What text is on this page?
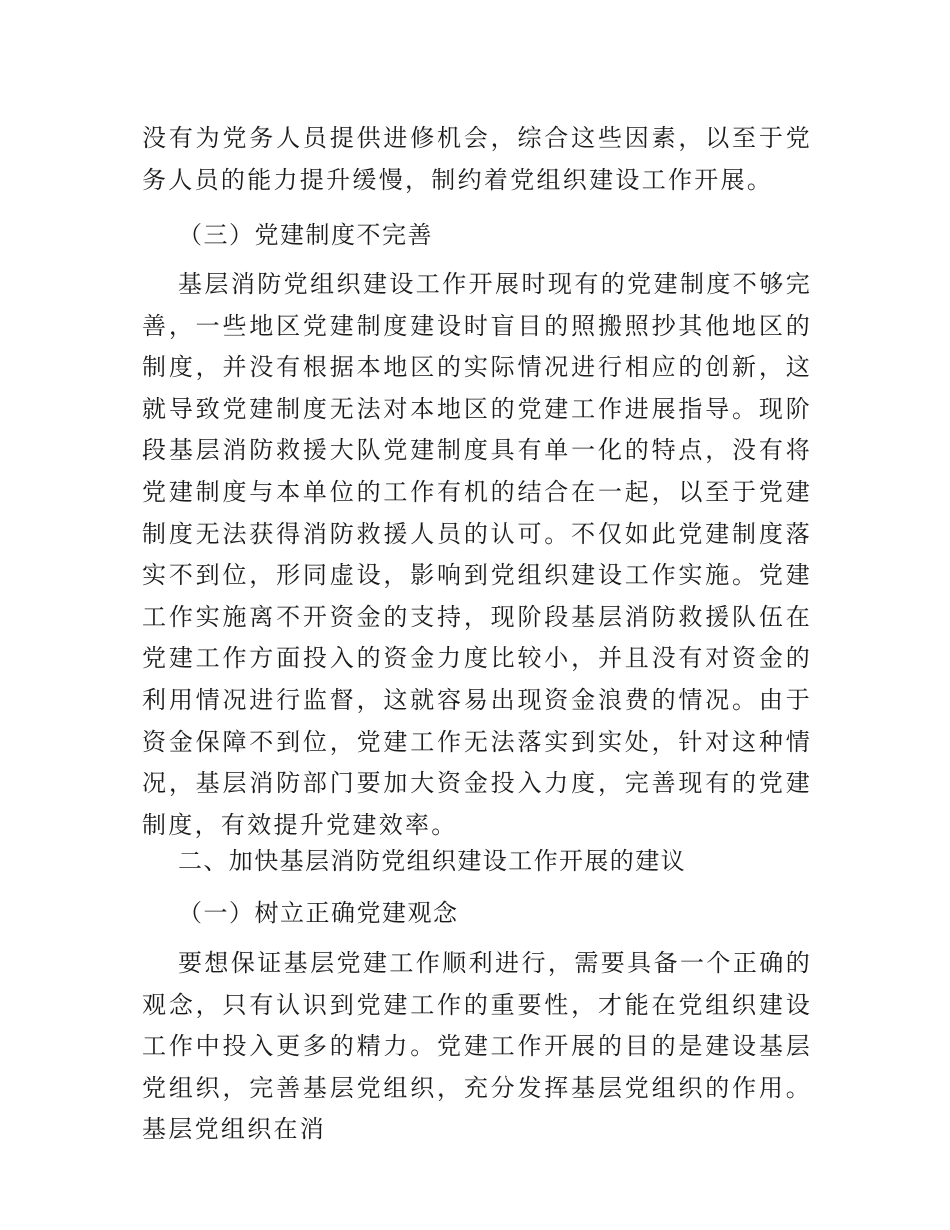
没有为党务人员提供进修机会，综合这些因素，以至于党务人员的能力提升缓慢，制约着党组织建设工作开展。

（三）党建制度不完善

基层消防党组织建设工作开展时现有的党建制度不够完善，一些地区党建制度建设时盲目的照搬照抄其他地区的制度，并没有根据本地区的实际情况进行相应的创新，这就导致党建制度无法对本地区的党建工作进展指导。现阶段基层消防救援大队党建制度具有单一化的特点，没有将党建制度与本单位的工作有机的结合在一起，以至于党建制度无法获得消防救援人员的认可。不仅如此党建制度落实不到位，形同虚设，影响到党组织建设工作实施。党建工作实施离不开资金的支持，现阶段基层消防救援队伍在党建工作方面投入的资金力度比较小，并且没有对资金的利用情况进行监督，这就容易出现资金浪费的情况。由于资金保障不到位，党建工作无法落实到实处，针对这种情况，基层消防部门要加大资金投入力度，完善现有的党建制度，有效提升党建效率。

二、加快基层消防党组织建设工作开展的建议

（一）树立正确党建观念

要想保证基层党建工作顺利进行，需要具备一个正确的观念，只有认识到党建工作的重要性，才能在党组织建设工作中投入更多的精力。党建工作开展的目的是建设基层党组织，完善基层党组织，充分发挥基层党组织的作用。基层党组织在消
